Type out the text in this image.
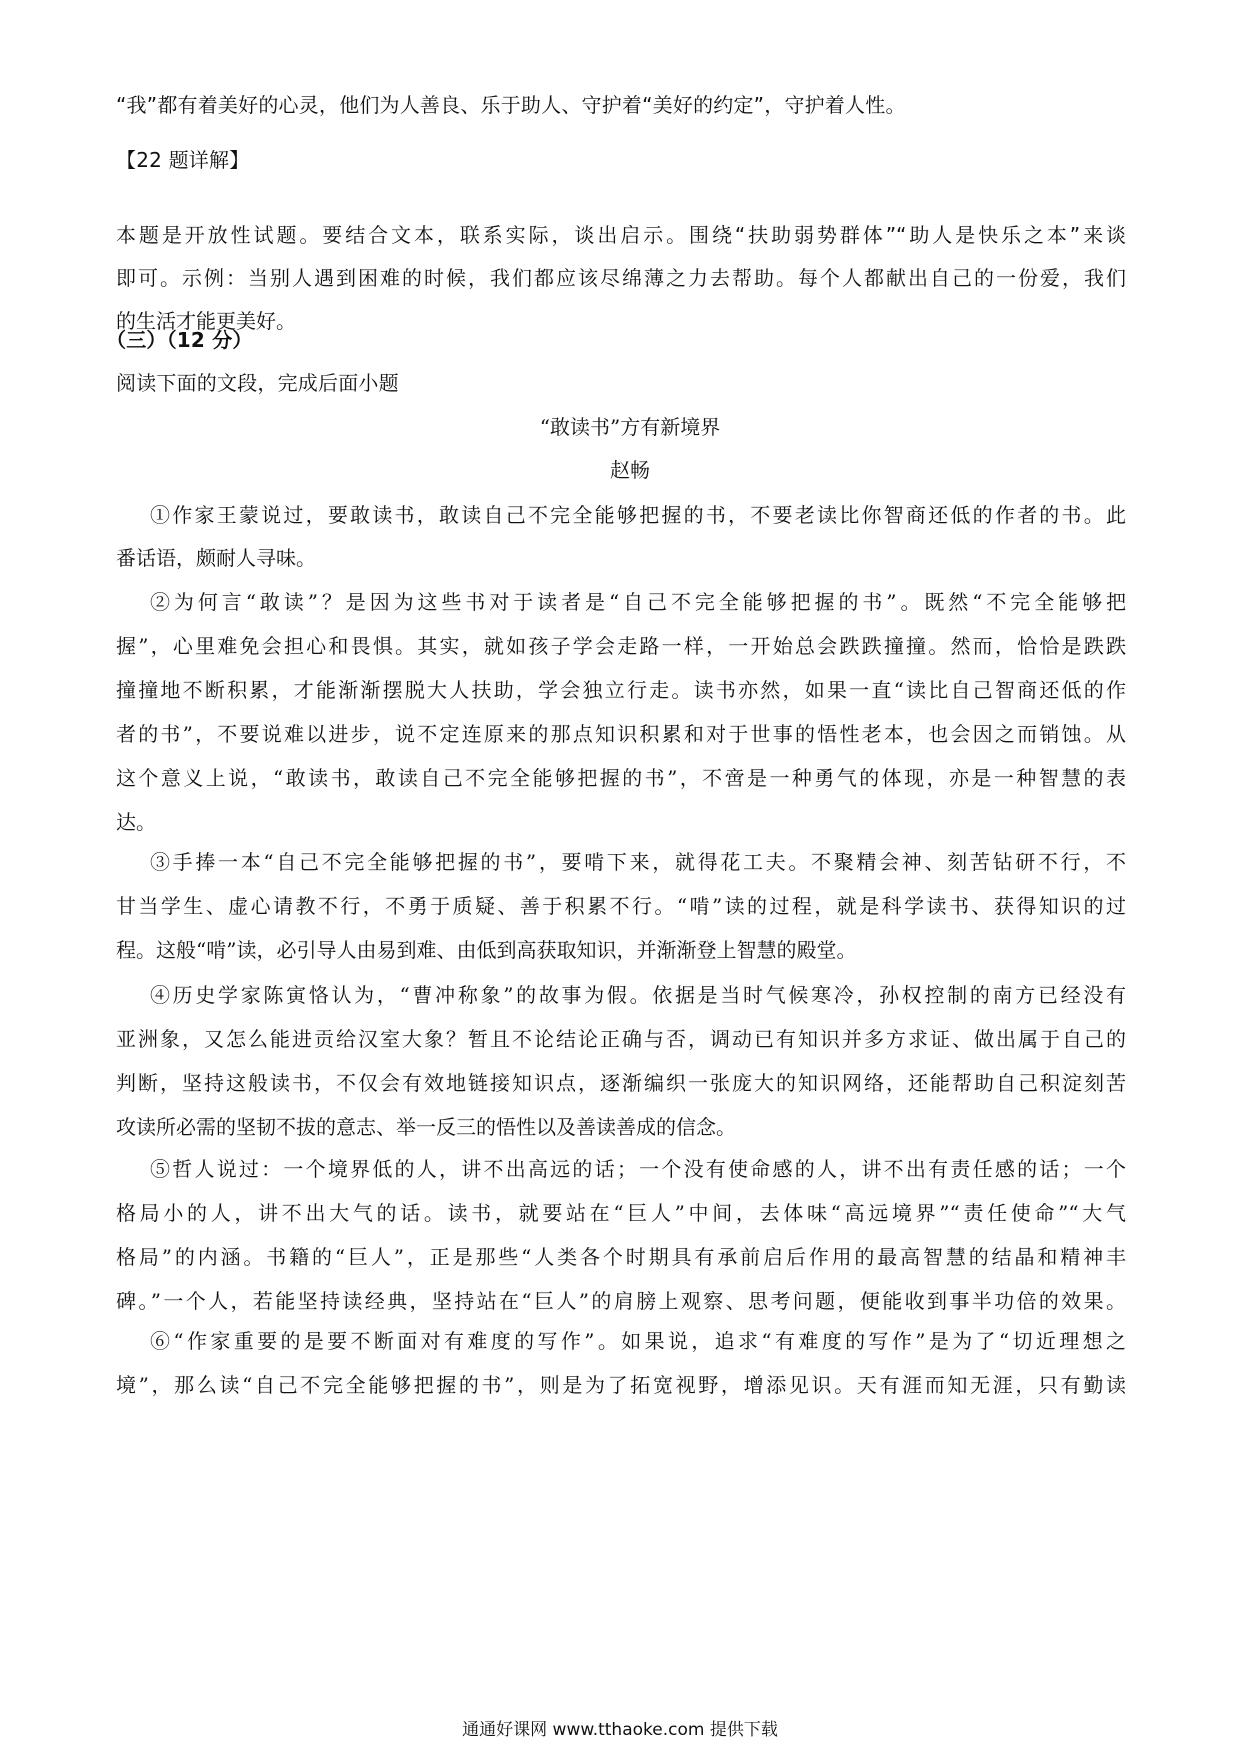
“我”都有着美好的心灵，他们为人善良、乐于助人、守护着“美好的约定”，守护着人性。
【22 题详解】
本题是开放性试题。要结合文本，联系实际，谈出启示。围绕“扶助弱势群体”“助人是快乐之本”来谈
即可。示例：当别人遇到困难的时候，我们都应该尽绵薄之力去帮助。每个人都献出自己的一份爱，我们
的生活才能更美好。
（三）（12 分）
阅读下面的文段，完成后面小题
“敢读书”方有新境界
赵畅
①作家王蒙说过，要敢读书，敢读自己不完全能够把握的书，不要老读比你智商还低的作者的书。此
番话语，颇耐人寻味。
②为何言“敢读”？是因为这些书对于读者是“自己不完全能够把握的书”。既然“不完全能够把
握”，心里难免会担心和畏惧。其实，就如孩子学会走路一样，一开始总会跌跌撞撞。然而，恰恰是跌跌
撞撞地不断积累，才能渐渐摆脱大人扶助，学会独立行走。读书亦然，如果一直“读比自己智商还低的作
者的书”，不要说难以进步，说不定连原来的那点知识积累和对于世事的悟性老本，也会因之而销蚀。从
这个意义上说，“敢读书，敢读自己不完全能够把握的书”，不啻是一种勇气的体现，亦是一种智慧的表
达。
③手捧一本“自己不完全能够把握的书”，要啃下来，就得花工夫。不聚精会神、刻苦钻研不行，不
甘当学生、虚心请教不行，不勇于质疑、善于积累不行。“啃”读的过程，就是科学读书、获得知识的过
程。这般“啃”读，必引导人由易到难、由低到高获取知识，并渐渐登上智慧的殿堂。
④历史学家陈寅恪认为，“曹冲称象”的故事为假。依据是当时气候寒冷，孙权控制的南方已经没有
亚洲象，又怎么能进贡给汉室大象？暂且不论结论正确与否，调动已有知识并多方求证、做出属于自己的
判断，坚持这般读书，不仅会有效地链接知识点，逐渐编织一张庞大的知识网络，还能帮助自己积淀刻苦
攻读所必需的坚韧不拔的意志、举一反三的悟性以及善读善成的信念。
⑤哲人说过：一个境界低的人，讲不出高远的话；一个没有使命感的人，讲不出有责任感的话；一个
格局小的人，讲不出大气的话。读书，就要站在“巨人”中间，去体味“高远境界”“责任使命”“大气
格局”的内涵。书籍的“巨人”，正是那些“人类各个时期具有承前启后作用的最高智慧的结晶和精神丰
碑。”一个人，若能坚持读经典，坚持站在“巨人”的肩膀上观察、思考问题，便能收到事半功倍的效果。
⑥“作家重要的是要不断面对有难度的写作”。如果说，追求“有难度的写作”是为了“切近理想之
境”，那么读“自己不完全能够把握的书”，则是为了拓宽视野，增添见识。天有涯而知无涯，只有勤读
通通好课网 www.tthaoke.com 提供下载
